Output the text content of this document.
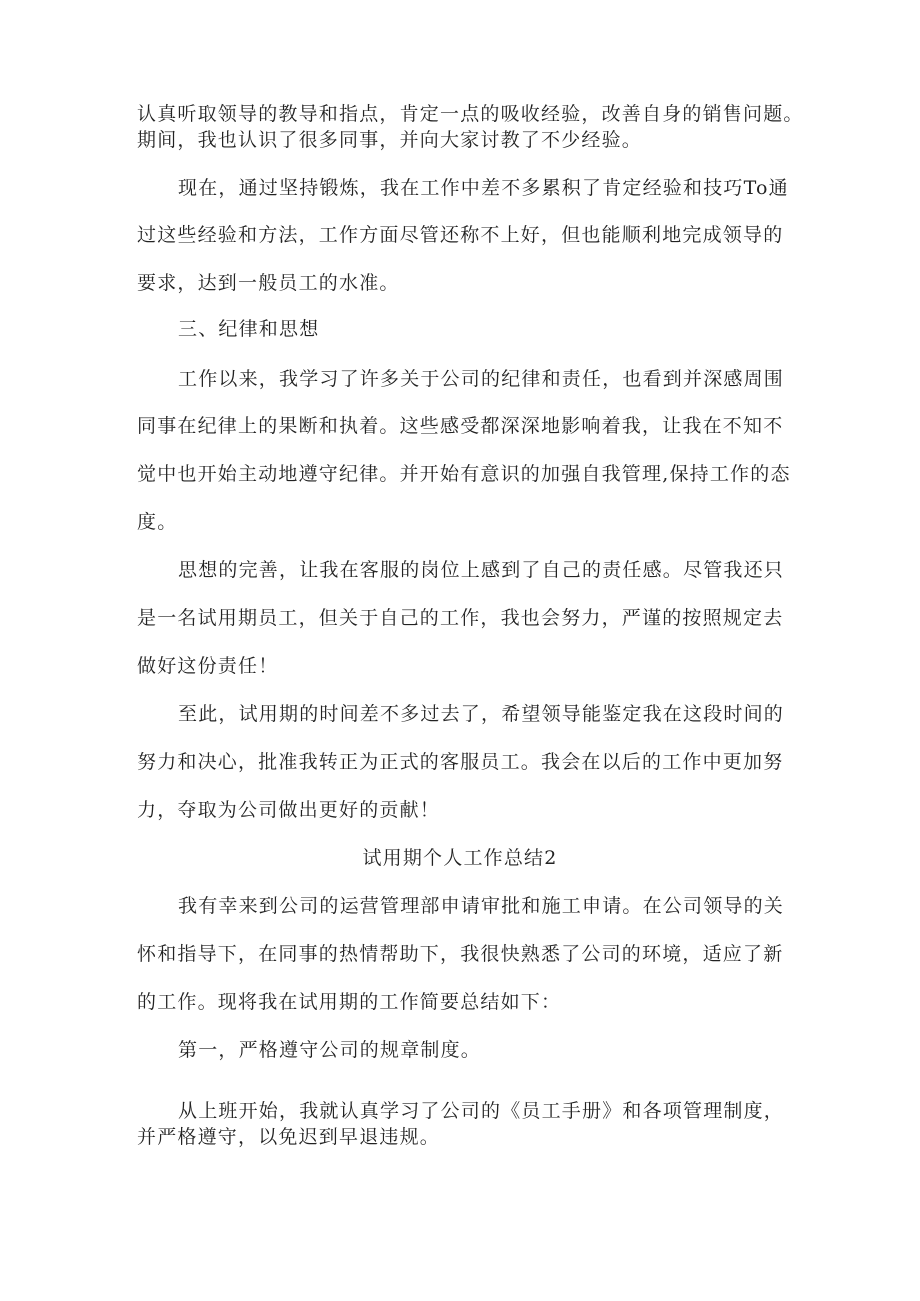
认真听取领导的教导和指点，肯定一点的吸收经验，改善自身的销售问题。
期间，我也认识了很多同事，并向大家讨教了不少经验。
现在，通过坚持锻炼，我在工作中差不多累积了肯定经验和技巧To通
过这些经验和方法，工作方面尽管还称不上好，但也能顺利地完成领导的
要求，达到一般员工的水准。
三、纪律和思想
工作以来，我学习了许多关于公司的纪律和责任，也看到并深感周围
同事在纪律上的果断和执着。这些感受都深深地影响着我，让我在不知不
觉中也开始主动地遵守纪律。并开始有意识的加强自我管理,保持工作的态
度。
思想的完善，让我在客服的岗位上感到了自己的责任感。尽管我还只
是一名试用期员工，但关于自己的工作，我也会努力，严谨的按照规定去
做好这份责任！
至此，试用期的时间差不多过去了，希望领导能鉴定我在这段时间的
努力和决心，批准我转正为正式的客服员工。我会在以后的工作中更加努
力，夺取为公司做出更好的贡献！
试用期个人工作总结2
我有幸来到公司的运营管理部申请审批和施工申请。在公司领导的关
怀和指导下，在同事的热情帮助下，我很快熟悉了公司的环境，适应了新
的工作。现将我在试用期的工作简要总结如下：
第一，严格遵守公司的规章制度。
从上班开始，我就认真学习了公司的《员工手册》和各项管理制度，
并严格遵守，以免迟到早退违规。
